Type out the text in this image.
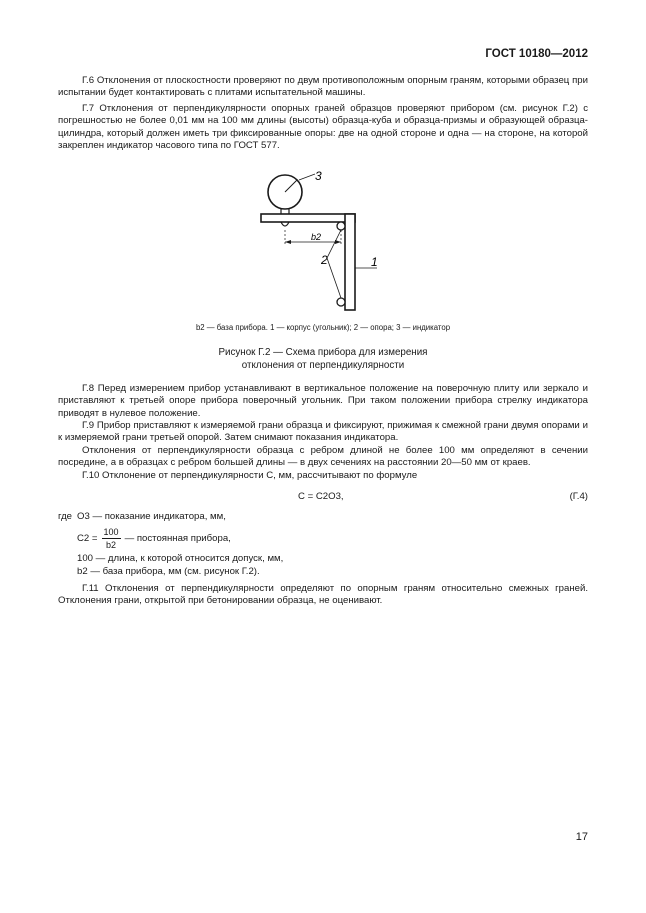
ГОСТ 10180—2012
Г.6 Отклонения от плоскостности проверяют по двум противоположным опорным граням, которыми образец при испытании будет контактировать с плитами испытательной машины.
Г.7 Отклонения от перпендикулярности опорных граней образцов проверяют прибором (см. рисунок Г.2) с погрешностью не более 0,01 мм на 100 мм длины (высоты) образца-куба и образца-призмы и образующей образца-цилиндра, который должен иметь три фиксированные опоры: две на одной стороне и одна — на стороне, на которой закреплен индикатор часового типа по ГОСТ 577.
3
2	1
b2
b2 — база прибора. 1 — корпус (угольник); 2 — опора; 3 — индикатор
Рисунок Г.2 — Схема прибора для измерения
отклонения от перпендикулярности
Г.8 Перед измерением прибор устанавливают в вертикальное положение на поверочную плиту или зеркало и приставляют к третьей опоре прибора поверочный угольник. При таком положении прибора стрелку индикатора приводят в нулевое положение.
Г.9 Прибор приставляют к измеряемой грани образца и фиксируют, прижимая к смежной грани двумя опорами и к измеряемой грани третьей опорой. Затем снимают показания индикатора.
Отклонения от перпендикулярности образца с ребром длиной не более 100 мм определяют в сечении посредине, а в образцах с ребром большей длины — в двух сечениях на расстоянии 20—50 мм от краев.
Г.10 Отклонение от перпендикулярности С, мм, рассчитывают по формуле
C = C2O3,	(Г.4)
где O3 — показание индикатора, мм,
$C2 = \frac{100}{b2}$ — постоянная прибора,
100 — длина, к которой относится допуск, мм,
b2 — база прибора, мм (см. рисунок Г.2).
Г.11 Отклонения от перпендикулярности определяют по опорным граням относительно смежных граней. Отклонения грани, открытой при бетонировании образца, не оценивают.
17
